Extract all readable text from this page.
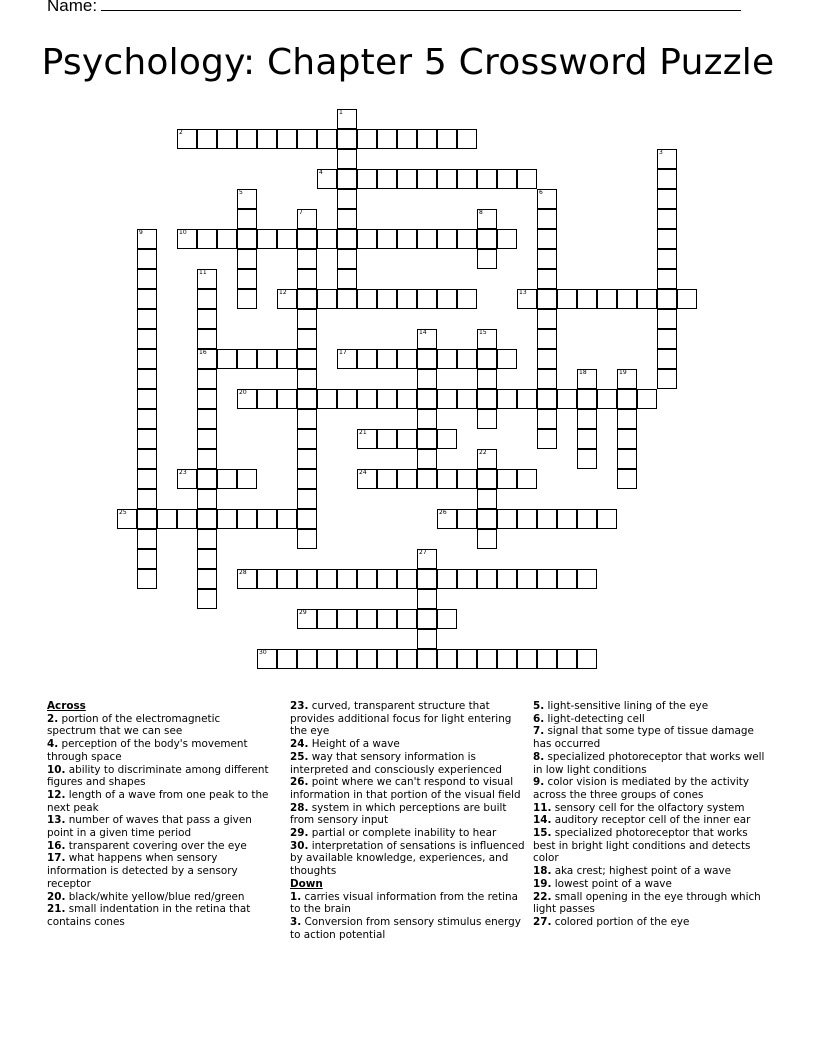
Name:
Psychology: Chapter 5 Crossword Puzzle
2
4
10
12	13
16	17
20
21
23	24
25	26
28
29
30
1
3
5	6
7	8
9
11
14	15
18	19
22
27
Across
2. portion of the electromagnetic spectrum that we can see
4. perception of the body's movement through space
10. ability to discriminate among different figures and shapes
12. length of a wave from one peak to the next peak
13. number of waves that pass a given point in a given time period
16. transparent covering over the eye
17. what happens when sensory information is detected by a sensory receptor
20. black/white yellow/blue red/green
21. small indentation in the retina that contains cones
23. curved, transparent structure that provides additional focus for light entering the eye
24. Height of a wave
25. way that sensory information is interpreted and consciously experienced
26. point where we can't respond to visual information in that portion of the visual field
28. system in which perceptions are built from sensory input
29. partial or complete inability to hear
30. interpretation of sensations is influenced by available knowledge, experiences, and thoughts
Down
1. carries visual information from the retina to the brain
3. Conversion from sensory stimulus energy to action potential
5. light-sensitive lining of the eye
6. light-detecting cell
7. signal that some type of tissue damage has occurred
8. specialized photoreceptor that works well in low light conditions
9. color vision is mediated by the activity across the three groups of cones
11. sensory cell for the olfactory system
14. auditory receptor cell of the inner ear
15. specialized photoreceptor that works best in bright light conditions and detects color
18. aka crest; highest point of a wave
19. lowest point of a wave
22. small opening in the eye through which light passes
27. colored portion of the eye
